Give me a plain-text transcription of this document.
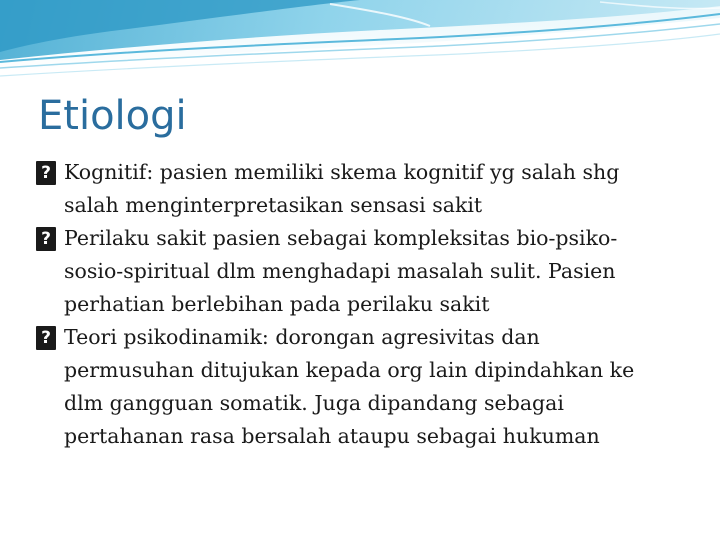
Etiologi
?
Kognitif: pasien memiliki skema kognitif yg salah shg salah menginterpretasikan sensasi sakit
?
Perilaku sakit pasien sebagai kompleksitas bio-psiko-sosio-spiritual dlm menghadapi masalah sulit. Pasien perhatian berlebihan pada perilaku sakit
?
Teori psikodinamik: dorongan agresivitas dan permusuhan ditujukan kepada org lain dipindahkan ke dlm gangguan somatik. Juga dipandang sebagai pertahanan rasa bersalah ataupu sebagai hukuman
